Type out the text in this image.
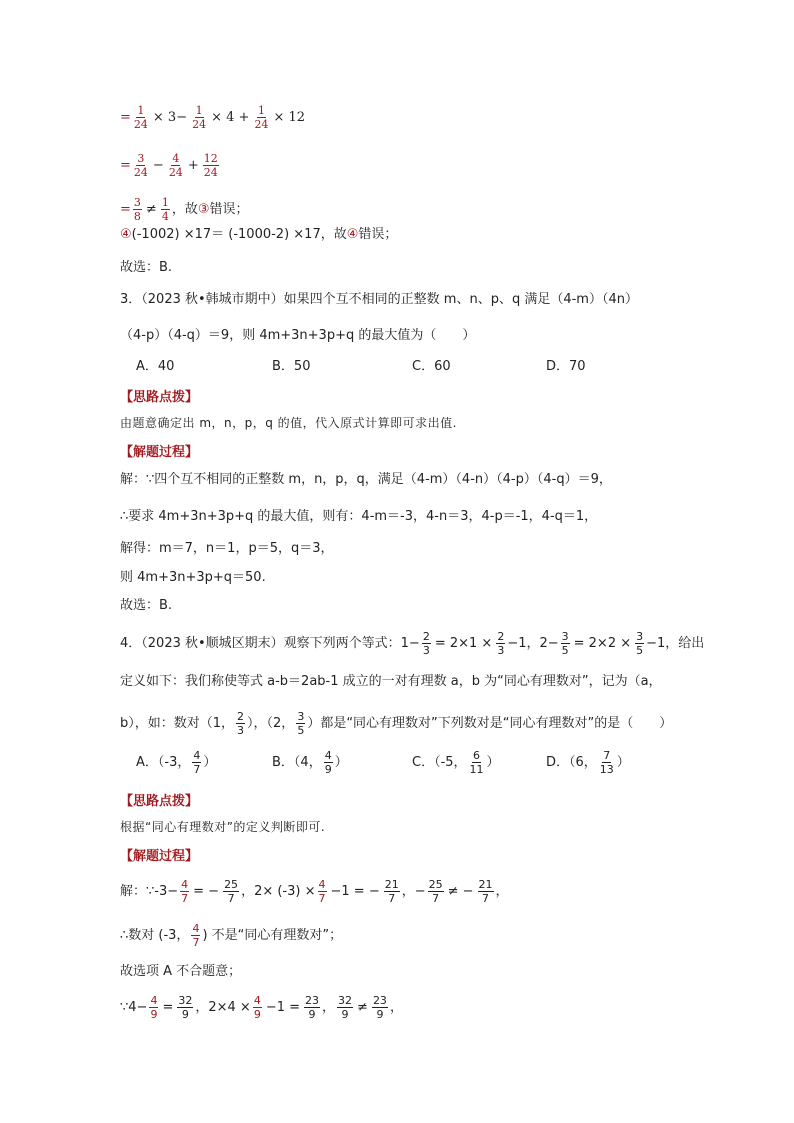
= $\frac{1}{24} \times 3- \frac{1}{24} \times 4 + \frac{1}{24} \times 12$
= $\frac{3}{24} - \frac{4}{24} + \frac{12}{24}$
= $\frac{3}{8} \ne \frac{1}{4}$ ，故 ③ 错误；
④ (-1002) ×17＝ (-1000-2) ×17，故 ④ 错误；
故选：B.
3．（2023 秋•韩城市期中）如果四个互不相同的正整数 m、n、p、q 满足（4-m）（4n）
（4-p）（4-q）＝9，则 4m+3n+3p+q 的最大值为（　　）
A．40	B．50	C．60	D．70
【思路点拨】
由题意确定出 m，n，p，q 的值，代入原式计算即可求出值.
【解题过程】
解：∵四个互不相同的正整数 m，n，p，q，满足（4-m）（4-n）（4-p）（4-q）＝9，
∴要求 4m+3n+3p+q 的最大值，则有：4-m＝-3，4-n＝3，4-p＝-1，4-q＝1，
解得：m＝7，n＝1，p＝5，q＝3，
则 4m+3n+3p+q＝50.
故选：B.
4．（2023 秋•顺城区期末）观察下列两个等式：$1- \frac{2}{3} = 2\times 1 \times \frac{2}{3} -1$，$2- \frac{3}{5} = 2\times 2 \times \frac{3}{5} -1$，给出
定义如下：我们称使等式 a-b＝2ab-1 成立的一对有理数 a，b 为“同心有理数对”，记为（a，
b），如：数对（1， $\frac{2}{3}$ ），（2， $\frac{3}{5}$ ）都是“同心有理数对”下列数对是“同心有理数对”的是（　　）
A．（-3， $\frac{4}{7}$ ）	B．（4， $\frac{4}{9}$ ）	C．（-5， $\frac{6}{11}$ ）	D．（6， $\frac{7}{13}$ ）
【思路点拨】
根据“同心有理数对”的定义判断即可.
【解题过程】
解：∵-3− $\frac{4}{7}$ = − $\frac{25}{7}$ ，$2\times (-3) \times \frac{4}{7} -1$ = − $\frac{21}{7}$ ，− $\frac{25}{7}$ ≠ − $\frac{21}{7}$ ，
∴数对 (-3， $\frac{4}{7}$ ) 不是“同心有理数对”；
故选项 A 不合题意；
∵4− $\frac{4}{9} = \frac{32}{9}$ ，$2\times 4 \times \frac{4}{9} -1 = \frac{23}{9}$ ， $\frac{32}{9} \ne \frac{23}{9}$ ，
